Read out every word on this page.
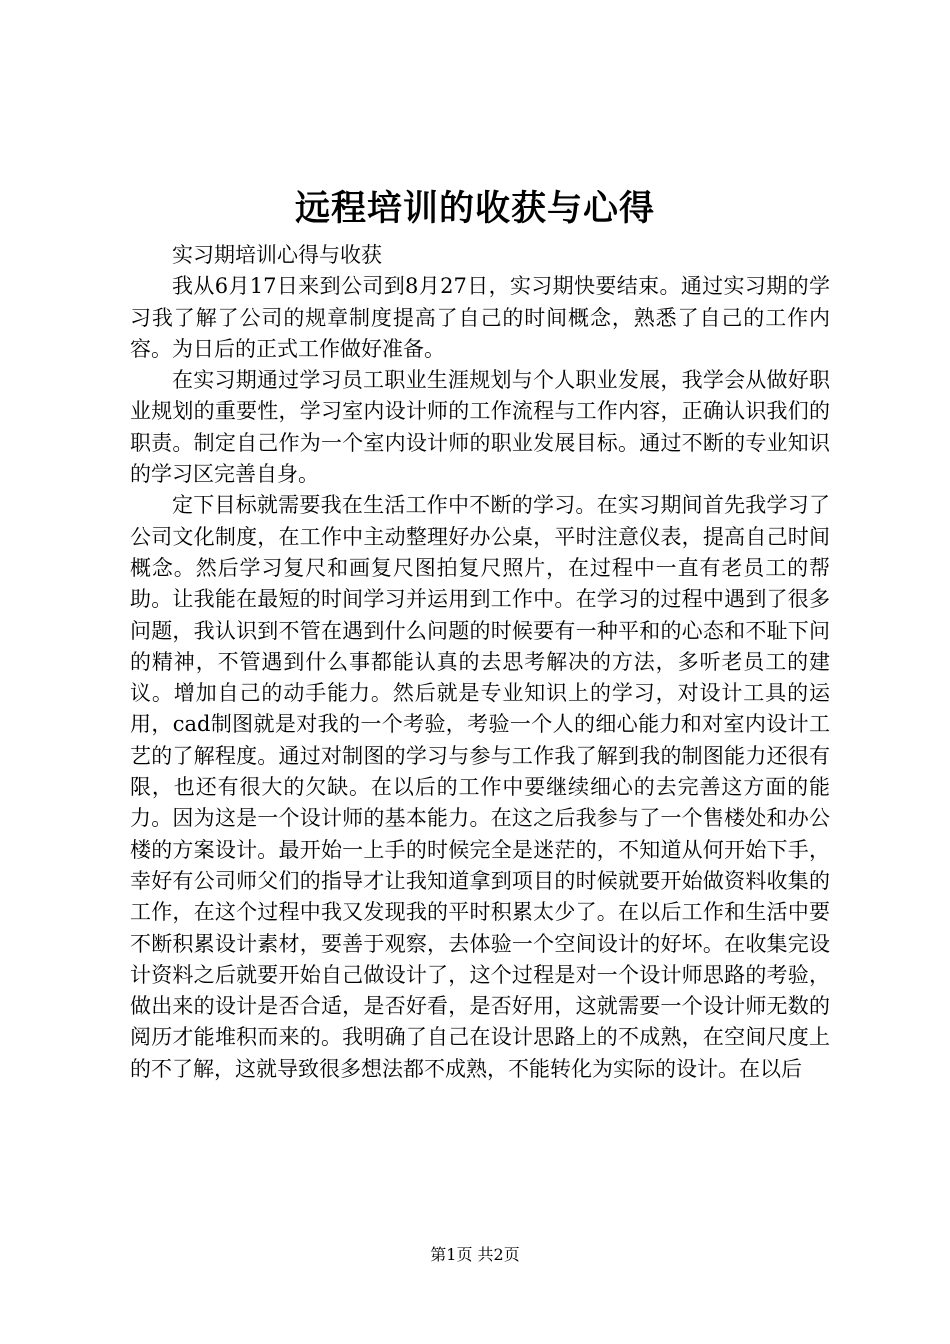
远程培训的收获与心得

实习期培训心得与收获

我从6月17日来到公司到8月27日，实习期快要结束。通过实习期的学习我了解了公司的规章制度提高了自己的时间概念，熟悉了自己的工作内容。为日后的正式工作做好准备。

在实习期通过学习员工职业生涯规划与个人职业发展，我学会从做好职业规划的重要性，学习室内设计师的工作流程与工作内容，正确认识我们的职责。制定自己作为一个室内设计师的职业发展目标。通过不断的专业知识的学习区完善自身。

定下目标就需要我在生活工作中不断的学习。在实习期间首先我学习了公司文化制度，在工作中主动整理好办公桌，平时注意仪表，提高自己时间概念。然后学习复尺和画复尺图拍复尺照片，在过程中一直有老员工的帮助。让我能在最短的时间学习并运用到工作中。在学习的过程中遇到了很多问题，我认识到不管在遇到什么问题的时候要有一种平和的心态和不耻下问的精神，不管遇到什么事都能认真的去思考解决的方法，多听老员工的建议。增加自己的动手能力。然后就是专业知识上的学习，对设计工具的运用，cad制图就是对我的一个考验，考验一个人的细心能力和对室内设计工艺的了解程度。通过对制图的学习与参与工作我了解到我的制图能力还很有限，也还有很大的欠缺。在以后的工作中要继续细心的去完善这方面的能力。因为这是一个设计师的基本能力。在这之后我参与了一个售楼处和办公楼的方案设计。最开始一上手的时候完全是迷茫的，不知道从何开始下手，幸好有公司师父们的指导才让我知道拿到项目的时候就要开始做资料收集的工作，在这个过程中我又发现我的平时积累太少了。在以后工作和生活中要不断积累设计素材，要善于观察，去体验一个空间设计的好坏。在收集完设计资料之后就要开始自己做设计了，这个过程是对一个设计师思路的考验，做出来的设计是否合适，是否好看，是否好用，这就需要一个设计师无数的阅历才能堆积而来的。我明确了自己在设计思路上的不成熟，在空间尺度上的不了解，这就导致很多想法都不成熟，不能转化为实际的设计。在以后

第1页 共2页
